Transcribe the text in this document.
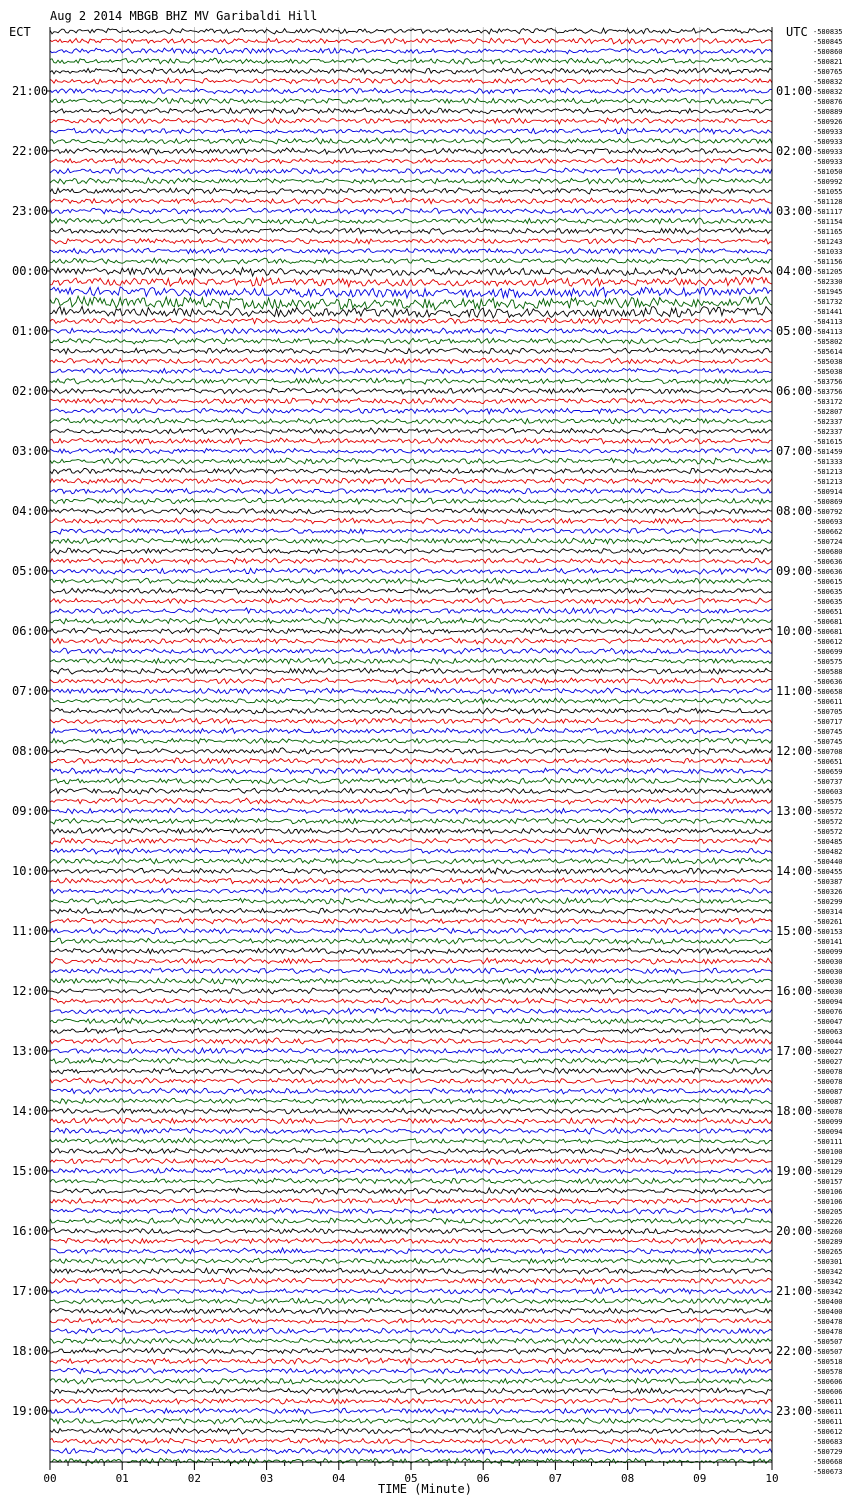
00	01	02	03	04	05	06	07	08	09	10
21:00
22:00
23:00
00:00
01:00
02:00
03:00
04:00
05:00
06:00
07:00
08:00
09:00
10:00
11:00
12:00
13:00
14:00
15:00
16:00
17:00
18:00
19:00
01:00
02:00
03:00
04:00
05:00
06:00
07:00
08:00
09:00
10:00
11:00
12:00
13:00
14:00
15:00
16:00
17:00
18:00
19:00
20:00
21:00
22:00
23:00
-580835
-580845
-580860
-580821
-580765
-580832
-580832
-580876
-580889
-580926
-580933
-580933
-580933
-580933
-581050
-580992
-581055
-581128
-581117
-581154
-581165
-581243
-581033
-581156
-581205
-582330
-581945
-581732
-581441
-584113
-584113
-585802
-585614
-585038
-585038
-583756
-583756
-583172
-582807
-582337
-582337
-581615
-581459
-581333
-581213
-581213
-580914
-580869
-580792
-580693
-580662
-580724
-580680
-580636
-580636
-580615
-580635
-580635
-580651
-580681
-580681
-580612
-580699
-580575
-580588
-580636
-580658
-580611
-580705
-580717
-580745
-580745
-580708
-580651
-580659
-580737
-580603
-580575
-580572
-580572
-580572
-580485
-580482
-580440
-580455
-580387
-580326
-580299
-580314
-580261
-580153
-580141
-580099
-580030
-580030
-580030
-580030
-580094
-580076
-580047
-580063
-580044
-580027
-580027
-580078
-580078
-580087
-580087
-580078
-580099
-580094
-580111
-580100
-580129
-580129
-580157
-580106
-580106
-580205
-580226
-580260
-580289
-580265
-580301
-580342
-580342
-580342
-580400
-580400
-580478
-580478
-580507
-580507
-580518
-580578
-580606
-580606
-580611
-580611
-580611
-580612
-580683
-580729
-580668
-580673
Aug 2 2014 MBGB BHZ MV Garibaldi Hill
ECT	UTC
TIME (Minute)
